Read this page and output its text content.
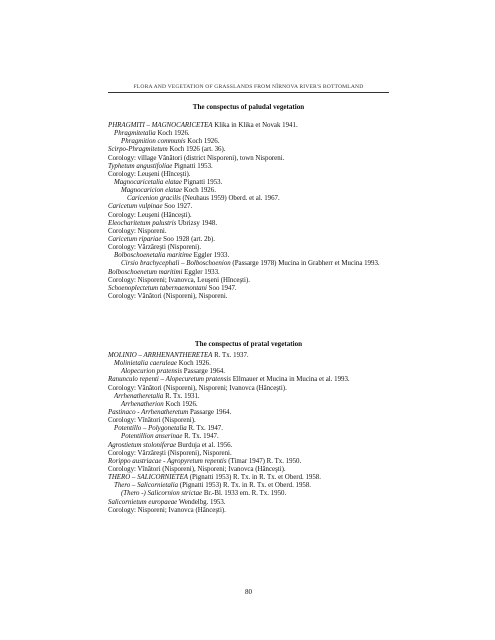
FLORA AND VEGETATION OF GRASSLANDS FROM NÎRNOVA RIVER'S BOTTOMLAND
The conspectus of paludal vegetation
PHRAGMITI – MAGNOCARICETEA Klika in Klika et Novak 1941.
Phragmitetalia Koch 1926.
Phragmition communis Koch 1926.
Scirpo-Phragmitetum Koch 1926 (art. 36).
Corology: village Vânători (district Nisporeni), town Nisporeni.
Typhetum angustifoliae Pignatti 1953.
Corology: Leuşeni (Hînceşti).
Magnocaricetalia elatae Pignatti 1953.
Magnocaricion elatae Koch 1926.
Caricenion gracilis (Neuhaus 1959) Oberd. et al. 1967.
Caricetum vulpinae Soo 1927.
Corology: Leuşeni (Hânceşti).
Eleocharitetum palustris Ubrizsy 1948.
Corology: Nisporeni.
Caricetum ripariae Soo 1928 (art. 2b).
Corology: Vărzăreşti (Nisporeni).
Bolboschoenetalia maritime Eggler 1933.
Cirsio brachycephali – Bolboschoenion (Passarge 1978) Mucina in Grabherr et Mucina 1993.
Bolboschoenetum maritimi Eggler 1933.
Corology: Nisporeni; Ivanovca, Leuşeni (Hînceşti).
Schoenoplectetum tabernaemontani Soo 1947.
Corology: Vânători (Nisporeni), Nisporeni.
The conspectus of pratal vegetation
MOLINIO – ARRHENANTHERETEA R. Tx. 1937.
Molinietalia caeruleae Koch 1926.
Alopecurion pratensis Passarge 1964.
Ranunculo repenti – Alopecuretum pratensis Ellmauer et Mucina in Mucina et al. 1993.
Corology: Vânători (Nisporeni), Nisporeni; Ivanovca (Hânceşti).
Arrhenatheretalia R. Tx. 1931.
Arrhenatherion Koch 1926.
Pastinaco - Arrhenatheretum Passarge 1964.
Corology: Vînători (Nisporeni).
Potentillo – Polygonetalia R. Tx. 1947.
Potentillion anserinae R. Tx. 1947.
Agrostietum stoloniferae Burduja et al. 1956.
Corology: Vărzăreşti (Nisporeni), Nisporeni.
Rorippo austriacae - Agropyretum repentis (Timar 1947) R. Tx. 1950.
Corology: Vînători (Nisporeni), Nisporeni; Ivanovca (Hânceşti).
THERO – SALICORNIETEA (Pignatti 1953) R. Tx. in R. Tx. et Oberd. 1958.
Thero – Salicornietalia (Pignatti 1953) R. Tx. in R. Tx. et Oberd. 1958.
(Thero -) Salicornion strictae Br.-Bl. 1933 em. R. Tx. 1950.
Salicornietum europaeae Wendelbg. 1953.
Corology: Nisporeni; Ivanovca (Hânceşti).
80
